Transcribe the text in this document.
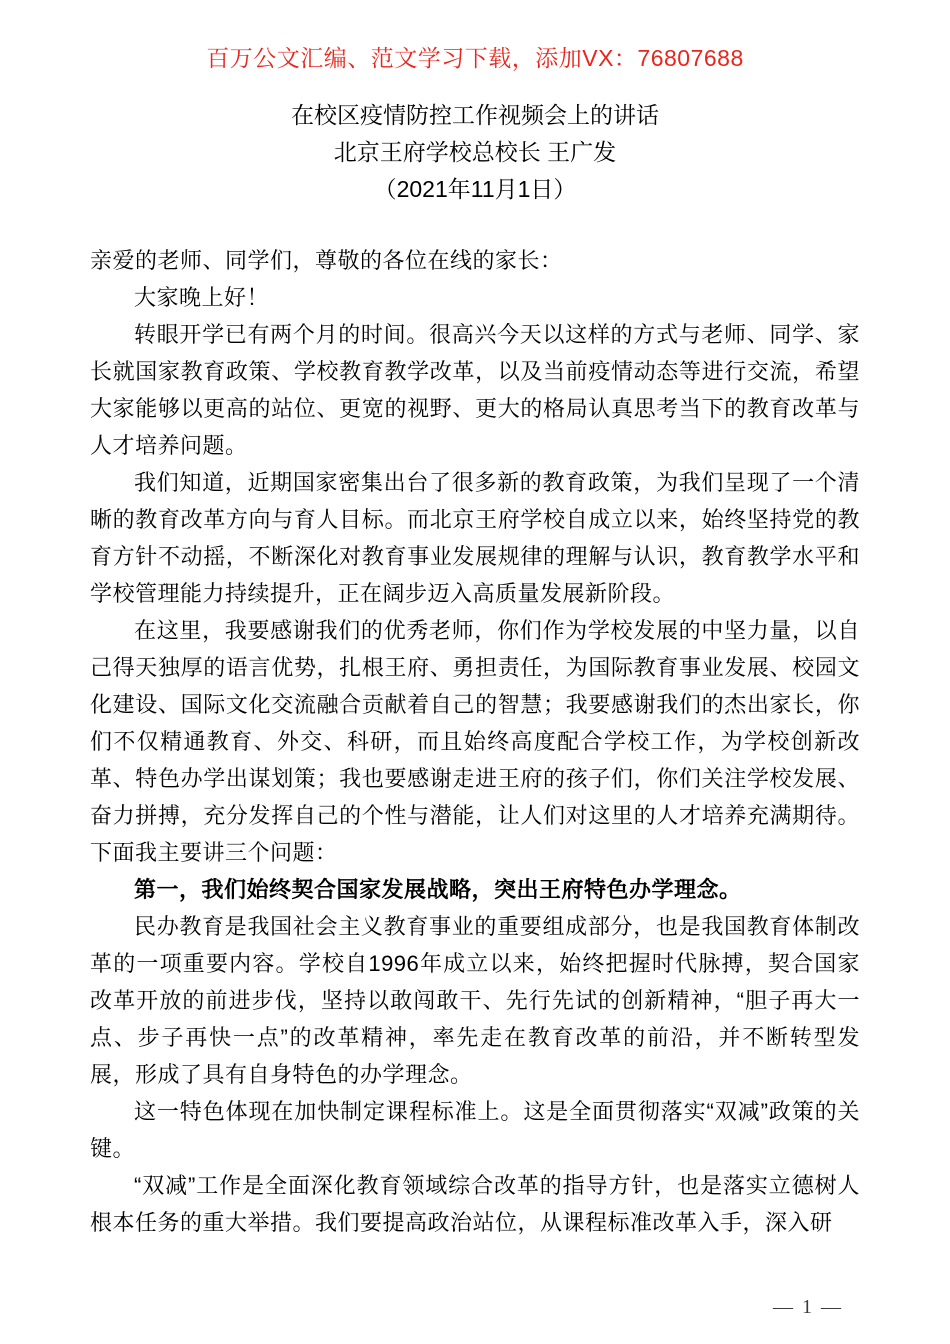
百万公文汇编、范文学习下载，添加VX：76807688
在校区疫情防控工作视频会上的讲话
北京王府学校总校长 王广发
（2021年11月1日）

亲爱的老师、同学们，尊敬的各位在线的家长：

大家晚上好！

转眼开学已有两个月的时间。很高兴今天以这样的方式与老师、同学、家长就国家教育政策、学校教育教学改革，以及当前疫情动态等进行交流，希望大家能够以更高的站位、更宽的视野、更大的格局认真思考当下的教育改革与人才培养问题。

我们知道，近期国家密集出台了很多新的教育政策，为我们呈现了一个清晰的教育改革方向与育人目标。而北京王府学校自成立以来，始终坚持党的教育方针不动摇，不断深化对教育事业发展规律的理解与认识，教育教学水平和学校管理能力持续提升，正在阔步迈入高质量发展新阶段。

在这里，我要感谢我们的优秀老师，你们作为学校发展的中坚力量，以自己得天独厚的语言优势，扎根王府、勇担责任，为国际教育事业发展、校园文化建设、国际文化交流融合贡献着自己的智慧；我要感谢我们的杰出家长，你们不仅精通教育、外交、科研，而且始终高度配合学校工作，为学校创新改革、特色办学出谋划策；我也要感谢走进王府的孩子们，你们关注学校发展、奋力拼搏，充分发挥自己的个性与潜能，让人们对这里的人才培养充满期待。下面我主要讲三个问题：

第一，我们始终契合国家发展战略，突出王府特色办学理念。

民办教育是我国社会主义教育事业的重要组成部分，也是我国教育体制改革的一项重要内容。学校自1996年成立以来，始终把握时代脉搏，契合国家改革开放的前进步伐，坚持以敢闯敢干、先行先试的创新精神，“胆子再大一点、步子再快一点”的改革精神，率先走在教育改革的前沿，并不断转型发展，形成了具有自身特色的办学理念。

这一特色体现在加快制定课程标准上。这是全面贯彻落实“双减”政策的关键。

“双减”工作是全面深化教育领域综合改革的指导方针，也是落实立德树人根本任务的重大举措。我们要提高政治站位，从课程标准改革入手，深入研

— 1 —
